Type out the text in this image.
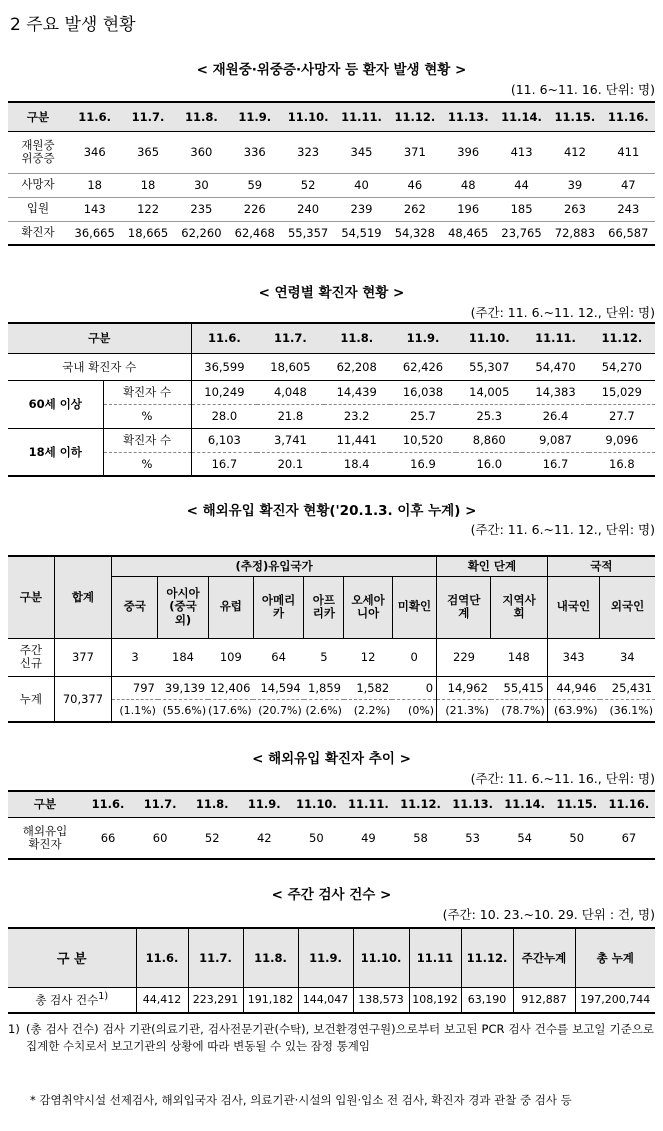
2 주요 발생 현황
< 재원중·위중증·사망자 등 환자 발생 현황 >
(11. 6~11. 16. 단위: 명)
구분	11.6.	11.7.	11.8.	11.9.	11.10.	11.11.	11.12.	11.13.	11.14.	11.15.	11.16.
재원중
위중증	346	365	360	336	323	345	371	396	413	412	411
사망자	18	18	30	59	52	40	46	48	44	39	47
입원	143	122	235	226	240	239	262	196	185	263	243
확진자	36,665	18,665	62,260	62,468	55,357	54,519	54,328	48,465	23,765	72,883	66,587
< 연령별 확진자 현황 >
(주간: 11. 6.~11. 12., 단위: 명)
구분		11.6.	11.7.	11.8.	11.9.	11.10.	11.11.	11.12.
국내 확진자 수		36,599	18,605	62,208	62,426	55,307	54,470	54,270
60세 이상	확진자 수	10,249	4,048	14,439	16,038	14,005	14,383	15,029
	%	28.0	21.8	23.2	25.7	25.3	26.4	27.7
18세 이하	확진자 수	6,103	3,741	11,441	10,520	8,860	9,087	9,096
	%	16.7	20.1	18.4	16.9	16.0	16.7	16.8
< 해외유입 확진자 현황('20.1.3. 이후 누계) >
(주간: 11. 6.~11. 12., 단위: 명)
구분	합계	(추정)유입국가							확인 단계		국적	
		중국	아시아
(중국
외)	유럽	아메리
카	아프
리카	오세아
니아	미확인	검역단
계	지역사
회	내국인	외국인
주간
신규	377	3	184	109	64	5	12	0	229	148	343	34
누계	70,377	797	39,139	12,406	14,594	1,859	1,582	0	14,962	55,415	44,946	25,431
		(1.1%)	(55.6%)	(17.6%)	(20.7%)	(2.6%)	(2.2%)	(0%)	(21.3%)	(78.7%)	(63.9%)	(36.1%)
< 해외유입 확진자 추이 >
(주간: 11. 6.~11. 16., 단위: 명)
구분	11.6.	11.7.	11.8.	11.9.	11.10.	11.11.	11.12.	11.13.	11.14.	11.15.	11.16.
해외유입
확진자	66	60	52	42	50	49	58	53	54	50	67
< 주간 검사 건수 >
(주간: 10. 23.~10. 29. 단위 : 건, 명)
구 분	11.6.	11.7.	11.8.	11.9.	11.10.	11.11	11.12.	주간누계	총 누계
총 검사 건수$^{1)}$	44,412	223,291	191,182	144,047	138,573	108,192	63,190	912,887	197,200,744
1) (총 검사 건수) 검사 기관(의료기관, 검사전문기관(수탁), 보건환경연구원)으로부터 보고된 PCR 검사 건수를 보고일 기준으로 집계한 수치로서 보고기관의 상황에 따라 변동될 수 있는 잠정 통계임
* 감염취약시설 선제검사, 해외입국자 검사, 의료기관·시설의 입원·입소 전 검사, 확진자 경과 관찰 중 검사 등
